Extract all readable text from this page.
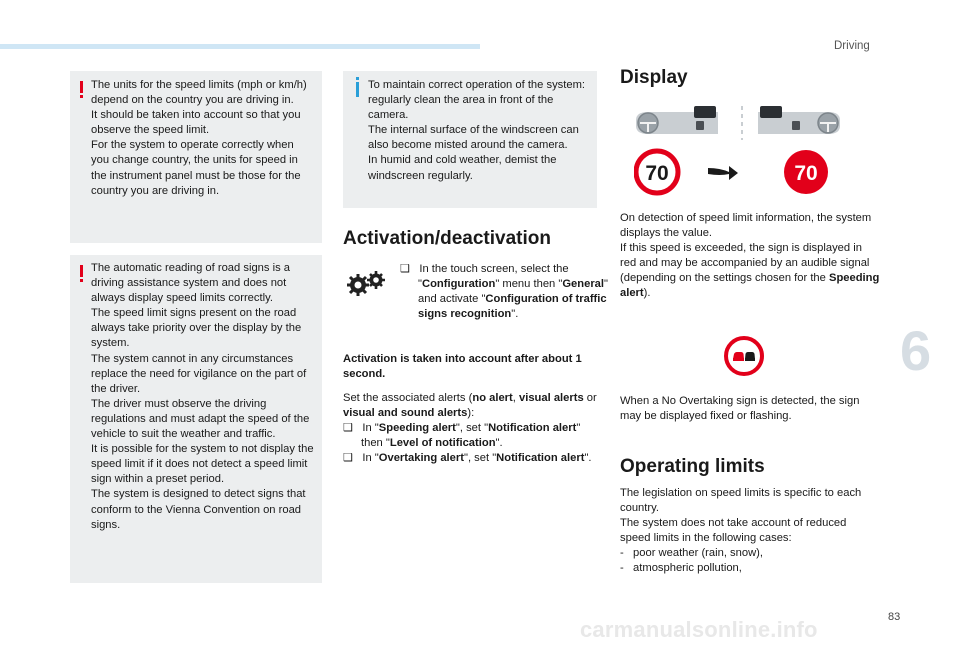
Driving
6
83
carmanualsonline.info

The units for the speed limits (mph or km/h) depend on the country you are driving in.

It should be taken into account so that you observe the speed limit.

For the system to operate correctly when you change country, the units for speed in the instrument panel must be those for the country you are driving in.

The automatic reading of road signs is a driving assistance system and does not always display speed limits correctly.

The speed limit signs present on the road always take priority over the display by the system.

The system cannot in any circumstances replace the need for vigilance on the part of the driver.

The driver must observe the driving regulations and must adapt the speed of the vehicle to suit the weather and traffic.

It is possible for the system to not display the speed limit if it does not detect a speed limit sign within a preset period.

The system is designed to detect signs that conform to the Vienna Convention on road signs.

To maintain correct operation of the system: regularly clean the area in front of the camera.

The internal surface of the windscreen can also become misted around the camera.

In humid and cold weather, demist the windscreen regularly.

Activation/deactivation
❑ In the touch screen, select the "Configuration" menu then "General" and activate "Configuration of traffic signs recognition".
Activation is taken into account after about 1 second.

Set the associated alerts (no alert, visual alerts or visual and sound alerts):

❑ In "Speeding alert", set "Notification alert" then "Level of notification".

❑ In "Overtaking alert", set "Notification alert".

Display
70	70

On detection of speed limit information, the system displays the value.

If this speed is exceeded, the sign is displayed in red and may be accompanied by an audible signal (depending on the settings chosen for the Speeding alert).

When a No Overtaking sign is detected, the sign may be displayed fixed or flashing.
Operating limits

The legislation on speed limits is specific to each country.

The system does not take account of reduced speed limits in the following cases:

-   poor weather (rain, snow),

-   atmospheric pollution,
